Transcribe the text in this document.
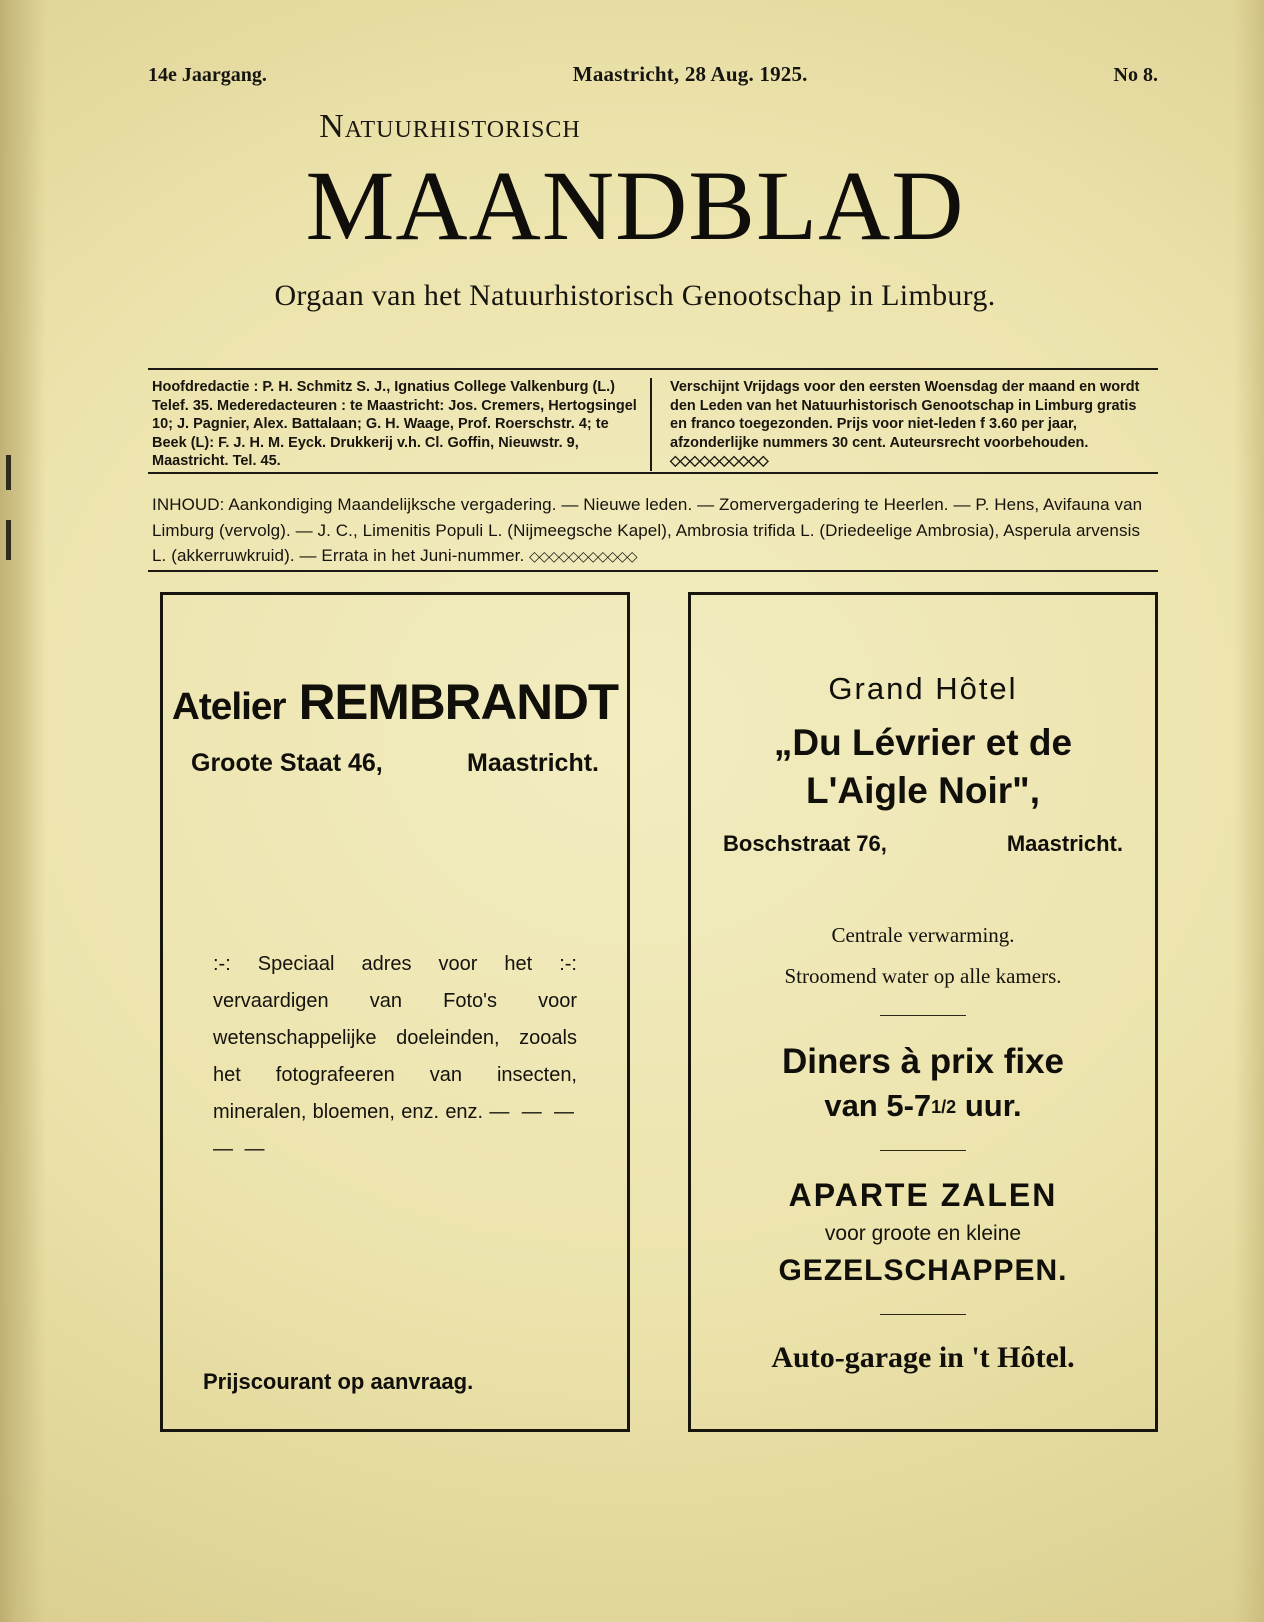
14e Jaargang.	Maastricht, 28 Aug. 1925.	No 8.
Natuurhistorisch
MAANDBLAD
Orgaan van het Natuurhistorisch Genootschap in Limburg.

Hoofdredactie : P. H. Schmitz S. J., Ignatius College Valkenburg (L.) Telef. 35. Mederedacteuren : te Maastricht: Jos. Cremers, Hertogsingel 10; J. Pagnier, Alex. Battalaan; G. H. Waage, Prof. Roerschstr. 4; te Beek (L): F. J. H. M. Eyck. Drukkerij v.h. Cl. Goffin, Nieuwstr. 9, Maastricht. Tel. 45.

Verschijnt Vrijdags voor den eersten Woensdag der maand en wordt den Leden van het Natuurhistorisch Genootschap in Limburg gratis en franco toegezonden. Prijs voor niet-leden f 3.60 per jaar, afzonderlijke nummers 30 cent. Auteursrecht voorbehouden.

◇◇◇◇◇◇◇◇◇◇
INHOUD: Aankondiging Maandelijksche vergadering. — Nieuwe leden. — Zomervergadering te Heerlen. — P. Hens, Avifauna van Limburg (vervolg). — J. C., Limenitis Populi L. (Nijmeegsche Kapel), Ambrosia trifida L. (Driedeelige Ambrosia), Asperula arvensis L. (akkerruwkruid). — Errata in het Juni-nummer. ◇◇◇◇◇◇◇◇◇◇◇
Atelier REMBRANDT
Groote Staat 46,	Maastricht.
:-: Speciaal adres voor het :-: vervaardigen van Foto's voor wetenschappelijke doeleinden, zooals het fotografeeren van insecten, mineralen, bloemen, enz. enz. — — — — —
Prijscourant op aanvraag.
Grand Hôtel
„Du Lévrier et de
L'Aigle Noir",
Boschstraat 76,	Maastricht.
Centrale verwarming.
Stroomend water op alle kamers.
Diners à prix fixe
van 5-71/2 uur.
APARTE ZALEN
voor groote en kleine
GEZELSCHAPPEN.
Auto-garage in 't Hôtel.
